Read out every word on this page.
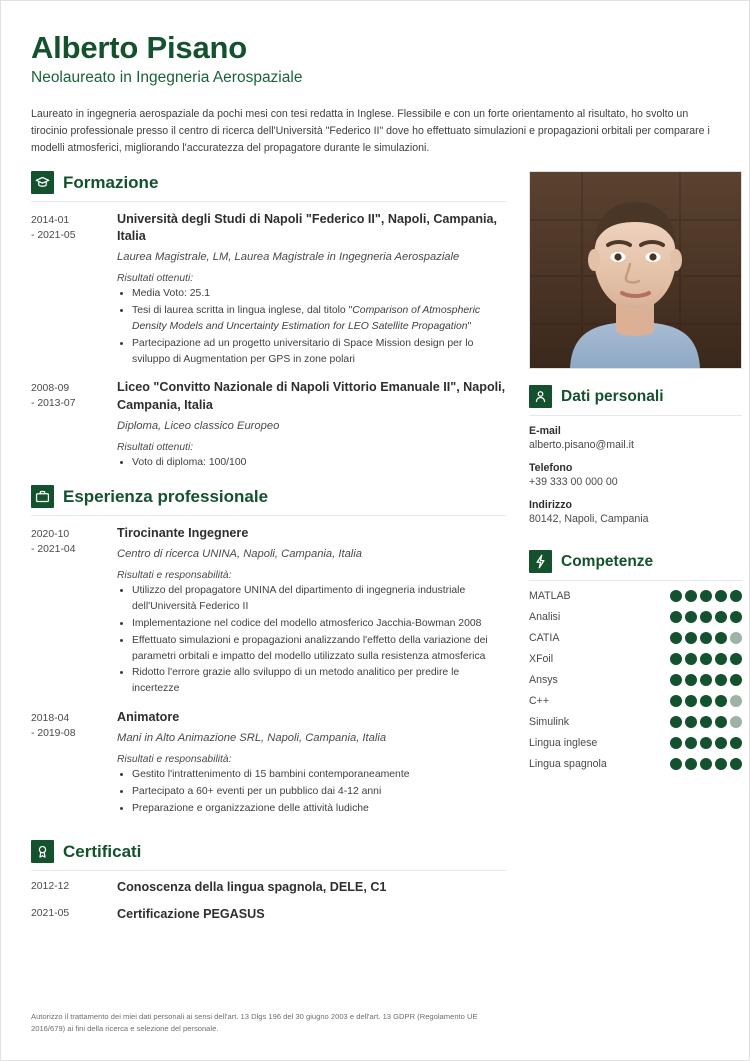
Alberto Pisano
Neolaureato in Ingegneria Aerospaziale
Laureato in ingegneria aerospaziale da pochi mesi con tesi redatta in Inglese. Flessibile e con un forte orientamento al risultato, ho svolto un tirocinio professionale presso il centro di ricerca dell'Università "Federico II" dove ho effettuato simulazioni e propagazioni orbitali per comparare i modelli atmosferici, migliorando l'accuratezza del propagatore durante le simulazioni.
Formazione
2014-01
- 2021-05
Università degli Studi di Napoli "Federico II", Napoli, Campania, Italia
Laurea Magistrale, LM, Laurea Magistrale in Ingegneria Aerospaziale
Risultati ottenuti:
• Media Voto: 25.1
• Tesi di laurea scritta in lingua inglese, dal titolo "Comparison of Atmospheric Density Models and Uncertainty Estimation for LEO Satellite Propagation"
• Partecipazione ad un progetto universitario di Space Mission design per lo sviluppo di Augmentation per GPS in zone polari
2008-09
- 2013-07
Liceo "Convitto Nazionale di Napoli Vittorio Emanuale II", Napoli, Campania, Italia
Diploma, Liceo classico Europeo
Risultati ottenuti:
• Voto di diploma: 100/100
Esperienza professionale
2020-10
- 2021-04
Tirocinante Ingegnere
Centro di ricerca UNINA, Napoli, Campania, Italia
Risultati e responsabilità:
• Utilizzo del propagatore UNINA del dipartimento di ingegneria industriale dell'Università Federico II
• Implementazione nel codice del modello atmosferico Jacchia-Bowman 2008
• Effettuato simulazioni e propagazioni analizzando l'effetto della variazione dei parametri orbitali e impatto del modello utilizzato sulla resistenza atmosferica
• Ridotto l'errore grazie allo sviluppo di un metodo analitico per predire le incertezze
2018-04
- 2019-08
Animatore
Mani in Alto Animazione SRL, Napoli, Campania, Italia
Risultati e responsabilità:
• Gestito l'intrattenimento di 15 bambini contemporaneamente
• Partecipato a 60+ eventi per un pubblico dai 4-12 anni
• Preparazione e organizzazione delle attività ludiche
Certificati
2012-12	Conoscenza della lingua spagnola, DELE, C1
2021-05	Certificazione PEGASUS
Dati personali
E-mail
alberto.pisano@mail.it
Telefono
+39 333 00 000 00
Indirizzo
80142, Napoli, Campania
Competenze
MATLAB
Analisi
CATIA
XFoil
Ansys
C++
Simulink
Lingua inglese
Lingua spagnola
Autorizzo il trattamento dei miei dati personali ai sensi dell'art. 13 Dlgs 196 del 30 giugno 2003 e dell'art. 13 GDPR (Regolamento UE 2016/679) ai fini della ricerca e selezione del personale.
